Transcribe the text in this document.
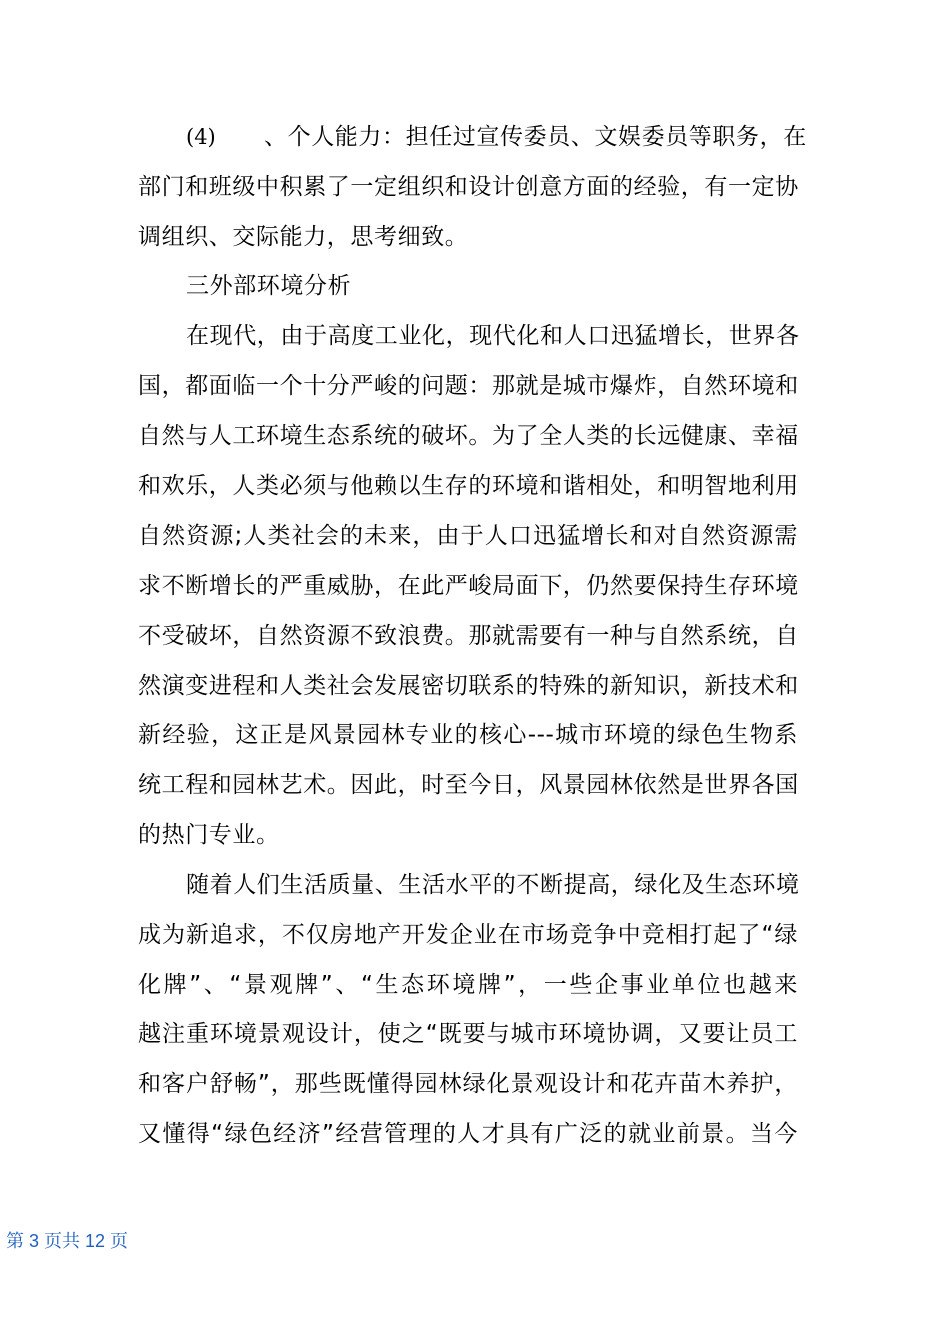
(4) 、个人能力：担任过宣传委员、文娱委员等职务，在
部门和班级中积累了一定组织和设计创意方面的经验，有一定协
调组织、交际能力，思考细致。
三外部环境分析
在现代，由于高度工业化，现代化和人口迅猛增长，世界各
国，都面临一个十分严峻的问题：那就是城市爆炸，自然环境和
自然与人工环境生态系统的破坏。为了全人类的长远健康、幸福
和欢乐，人类必须与他赖以生存的环境和谐相处，和明智地利用
自然资源;人类社会的未来，由于人口迅猛增长和对自然资源需
求不断增长的严重威胁，在此严峻局面下，仍然要保持生存环境
不受破坏，自然资源不致浪费。那就需要有一种与自然系统，自
然演变进程和人类社会发展密切联系的特殊的新知识，新技术和
新经验，这正是风景园林专业的核心---城市环境的绿色生物系
统工程和园林艺术。因此，时至今日，风景园林依然是世界各国
的热门专业。
随着人们生活质量、生活水平的不断提高，绿化及生态环境
成为新追求，不仅房地产开发企业在市场竞争中竞相打起了“绿
化牌”、“景观牌”、“生态环境牌”，一些企事业单位也越来
越注重环境景观设计，使之“既要与城市环境协调，又要让员工
和客户舒畅”，那些既懂得园林绿化景观设计和花卉苗木养护，
又懂得“绿色经济”经营管理的人才具有广泛的就业前景。当今
第 3 页共 12 页
